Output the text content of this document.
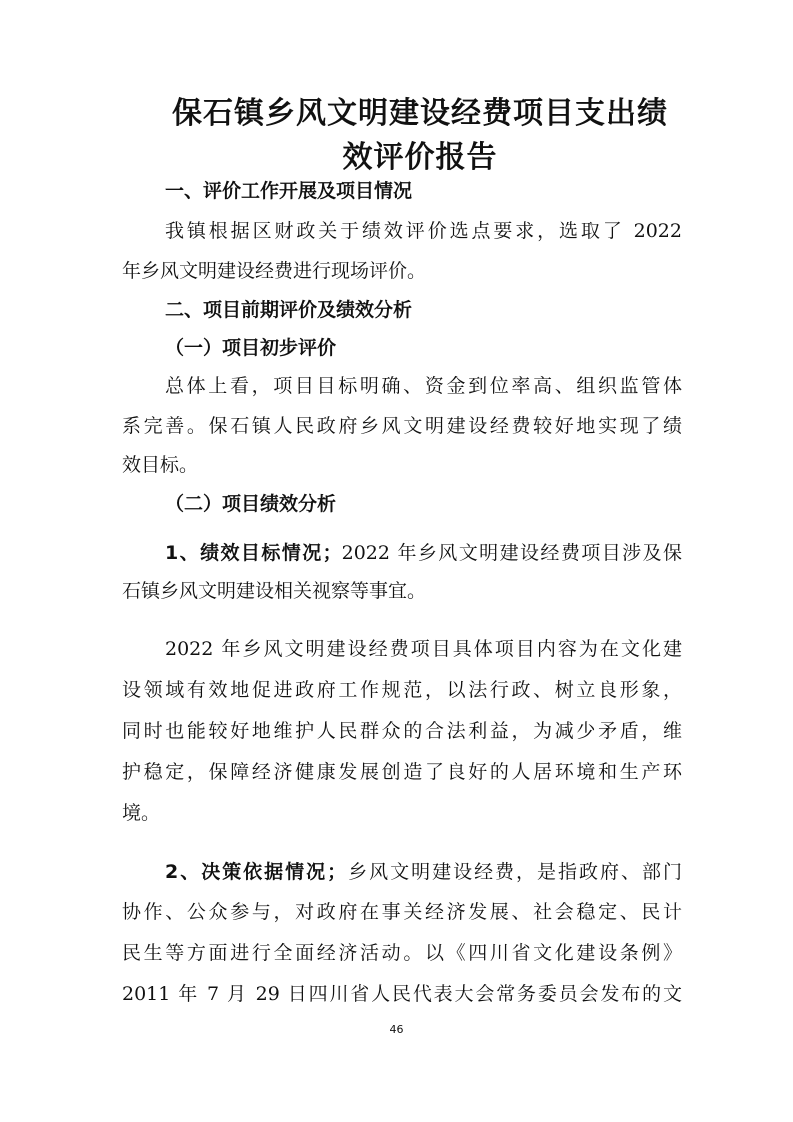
保石镇乡风文明建设经费项目支出绩
效评价报告
一、评价工作开展及项目情况
我镇根据区财政关于绩效评价选点要求，选取了 2022
年乡风文明建设经费进行现场评价。
二、项目前期评价及绩效分析
（一）项目初步评价
总体上看，项目目标明确、资金到位率高、组织监管体
系完善。保石镇人民政府乡风文明建设经费较好地实现了绩
效目标。
（二）项目绩效分析
1、绩效目标情况；2022 年乡风文明建设经费项目涉及保
石镇乡风文明建设相关视察等事宜。
2022 年乡风文明建设经费项目具体项目内容为在文化建
设领域有效地促进政府工作规范，以法行政、树立良形象，
同时也能较好地维护人民群众的合法利益，为减少矛盾，维
护稳定，保障经济健康发展创造了良好的人居环境和生产环
境。
2、决策依据情况；乡风文明建设经费，是指政府、部门
协作、公众参与，对政府在事关经济发展、社会稳定、民计
民生等方面进行全面经济活动。以《四川省文化建设条例》
2011 年 7 月 29 日四川省人民代表大会常务委员会发布的文
46
